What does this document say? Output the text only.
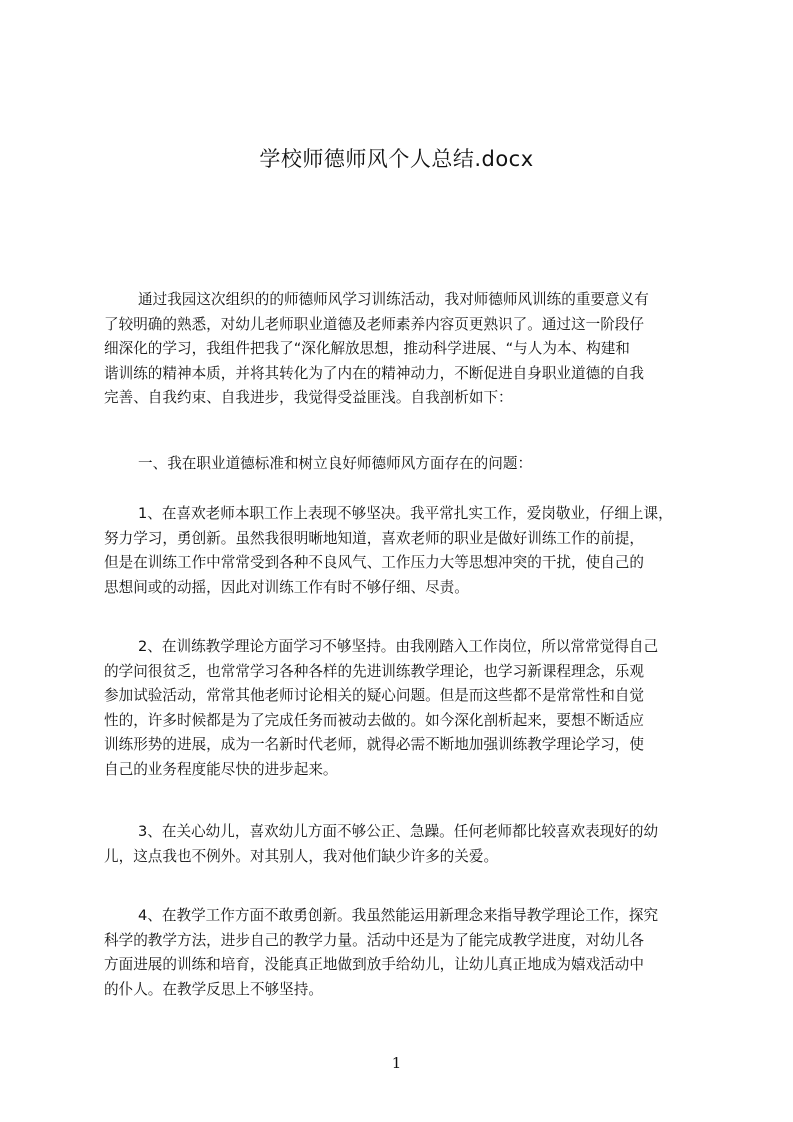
学校师德师风个人总结.docx
通过我园这次组织的的师德师风学习训练活动，我对师德师风训练的重要意义有
了较明确的熟悉，对幼儿老师职业道德及老师素养内容页更熟识了。通过这一阶段仔
细深化的学习，我组件把我了“深化解放思想，推动科学进展、“与人为本、构建和
谐训练的精神本质，并将其转化为了内在的精神动力，不断促进自身职业道德的自我
完善、自我约束、自我进步，我觉得受益匪浅。自我剖析如下：
一、我在职业道德标准和树立良好师德师风方面存在的问题：
1、在喜欢老师本职工作上表现不够坚决。我平常扎实工作，爱岗敬业，仔细上课，
努力学习，勇创新。虽然我很明晰地知道，喜欢老师的职业是做好训练工作的前提，
但是在训练工作中常常受到各种不良风气、工作压力大等思想冲突的干扰，使自己的
思想间或的动摇，因此对训练工作有时不够仔细、尽责。
2、在训练教学理论方面学习不够坚持。由我刚踏入工作岗位，所以常常觉得自己
的学问很贫乏，也常常学习各种各样的先进训练教学理论，也学习新课程理念，乐观
参加试验活动，常常其他老师讨论相关的疑心问题。但是而这些都不是常常性和自觉
性的，许多时候都是为了完成任务而被动去做的。如今深化剖析起来，要想不断适应
训练形势的进展，成为一名新时代老师，就得必需不断地加强训练教学理论学习，使
自己的业务程度能尽快的进步起来。
3、在关心幼儿，喜欢幼儿方面不够公正、急躁。任何老师都比较喜欢表现好的幼
儿，这点我也不例外。对其别人，我对他们缺少许多的关爱。
4、在教学工作方面不敢勇创新。我虽然能运用新理念来指导教学理论工作，探究
科学的教学方法，进步自己的教学力量。活动中还是为了能完成教学进度，对幼儿各
方面进展的训练和培育，没能真正地做到放手给幼儿，让幼儿真正地成为嬉戏活动中
的仆人。在教学反思上不够坚持。
1
